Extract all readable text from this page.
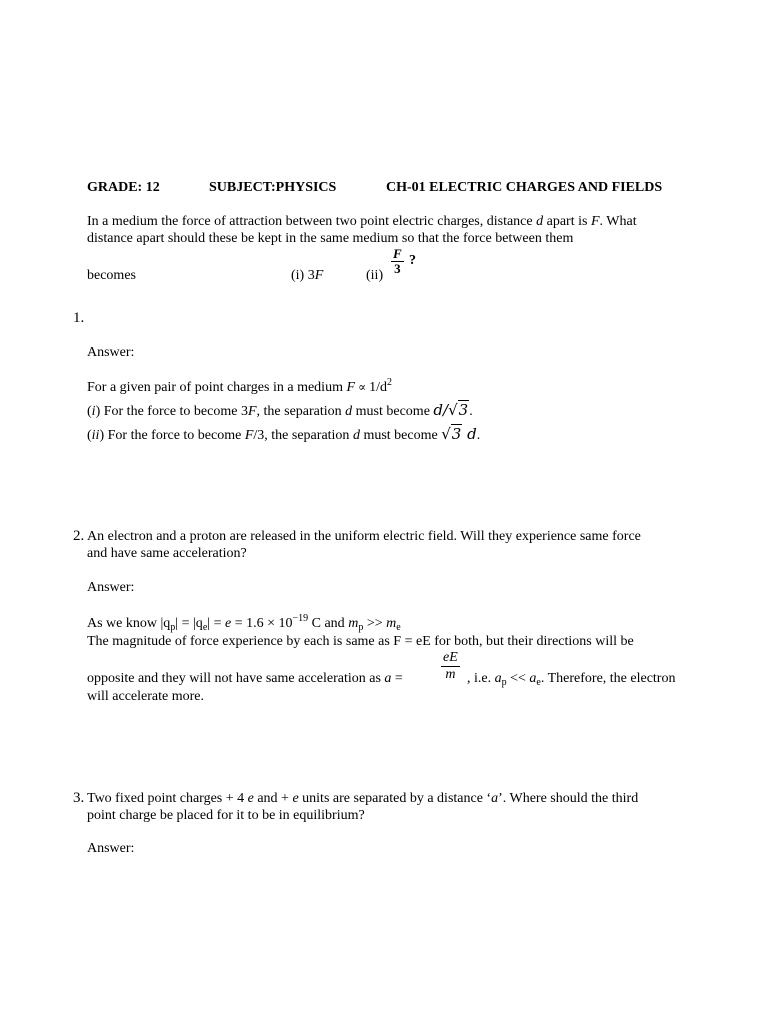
GRADE: 12	SUBJECT:PHYSICS	CH-01 ELECTRIC CHARGES AND FIELDS
In a medium the force of attraction between two point electric charges, distance d apart is F. What
distance apart should these be kept in the same medium so that the force between them
becomes	(i) 3F	$(ii) \frac{F}{3}$ ?
1.
Answer:
For a given pair of point charges in a medium $F \propto 1/d^2$
(i) For the force to become 3F, the separation d must become d/√3.
(ii) For the force to become F/3, the separation d must become √3 d.
2. An electron and a proton are released in the uniform electric field. Will they experience same force
and have same acceleration?
Answer:
As we know $|q_p| = |q_e| = e = 1.6 \times 10^{-19}$ C and $m_p >> m_e$
The magnitude of force experience by each is same as F = eE for both, but their directions will be
$\frac{eE}{m}$
opposite and they will not have same acceleration as a =	, i.e. $a_p << a_e$. Therefore, the electron
will accelerate more.
3. Two fixed point charges + 4 e and + e units are separated by a distance ‘a’. Where should the third
point charge be placed for it to be in equilibrium?
Answer:
